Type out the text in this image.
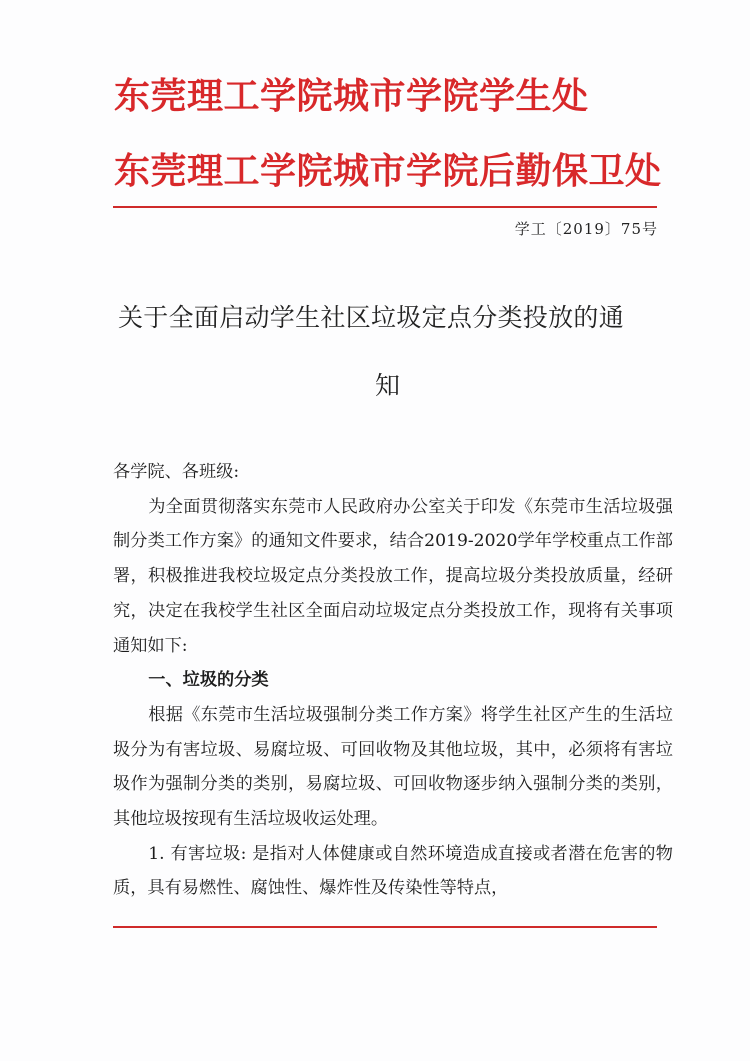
东莞理工学院城市学院学生处
东莞理工学院城市学院后勤保卫处
学工〔2019〕75号
关于全面启动学生社区垃圾定点分类投放的通
知

各学院、各班级:

为全面贯彻落实东莞市人民政府办公室关于印发《东莞市生活垃圾强制分类工作方案》的通知文件要求，结合2019-2020学年学校重点工作部署，积极推进我校垃圾定点分类投放工作，提高垃圾分类投放质量，经研究，决定在我校学生社区全面启动垃圾定点分类投放工作，现将有关事项通知如下:

一、垃圾的分类

根据《东莞市生活垃圾强制分类工作方案》将学生社区产生的生活垃圾分为有害垃圾、易腐垃圾、可回收物及其他垃圾，其中，必须将有害垃圾作为强制分类的类别，易腐垃圾、可回收物逐步纳入强制分类的类别，其他垃圾按现有生活垃圾收运处理。

1. 有害垃圾: 是指对人体健康或自然环境造成直接或者潜在危害的物质，具有易燃性、腐蚀性、爆炸性及传染性等特点，
